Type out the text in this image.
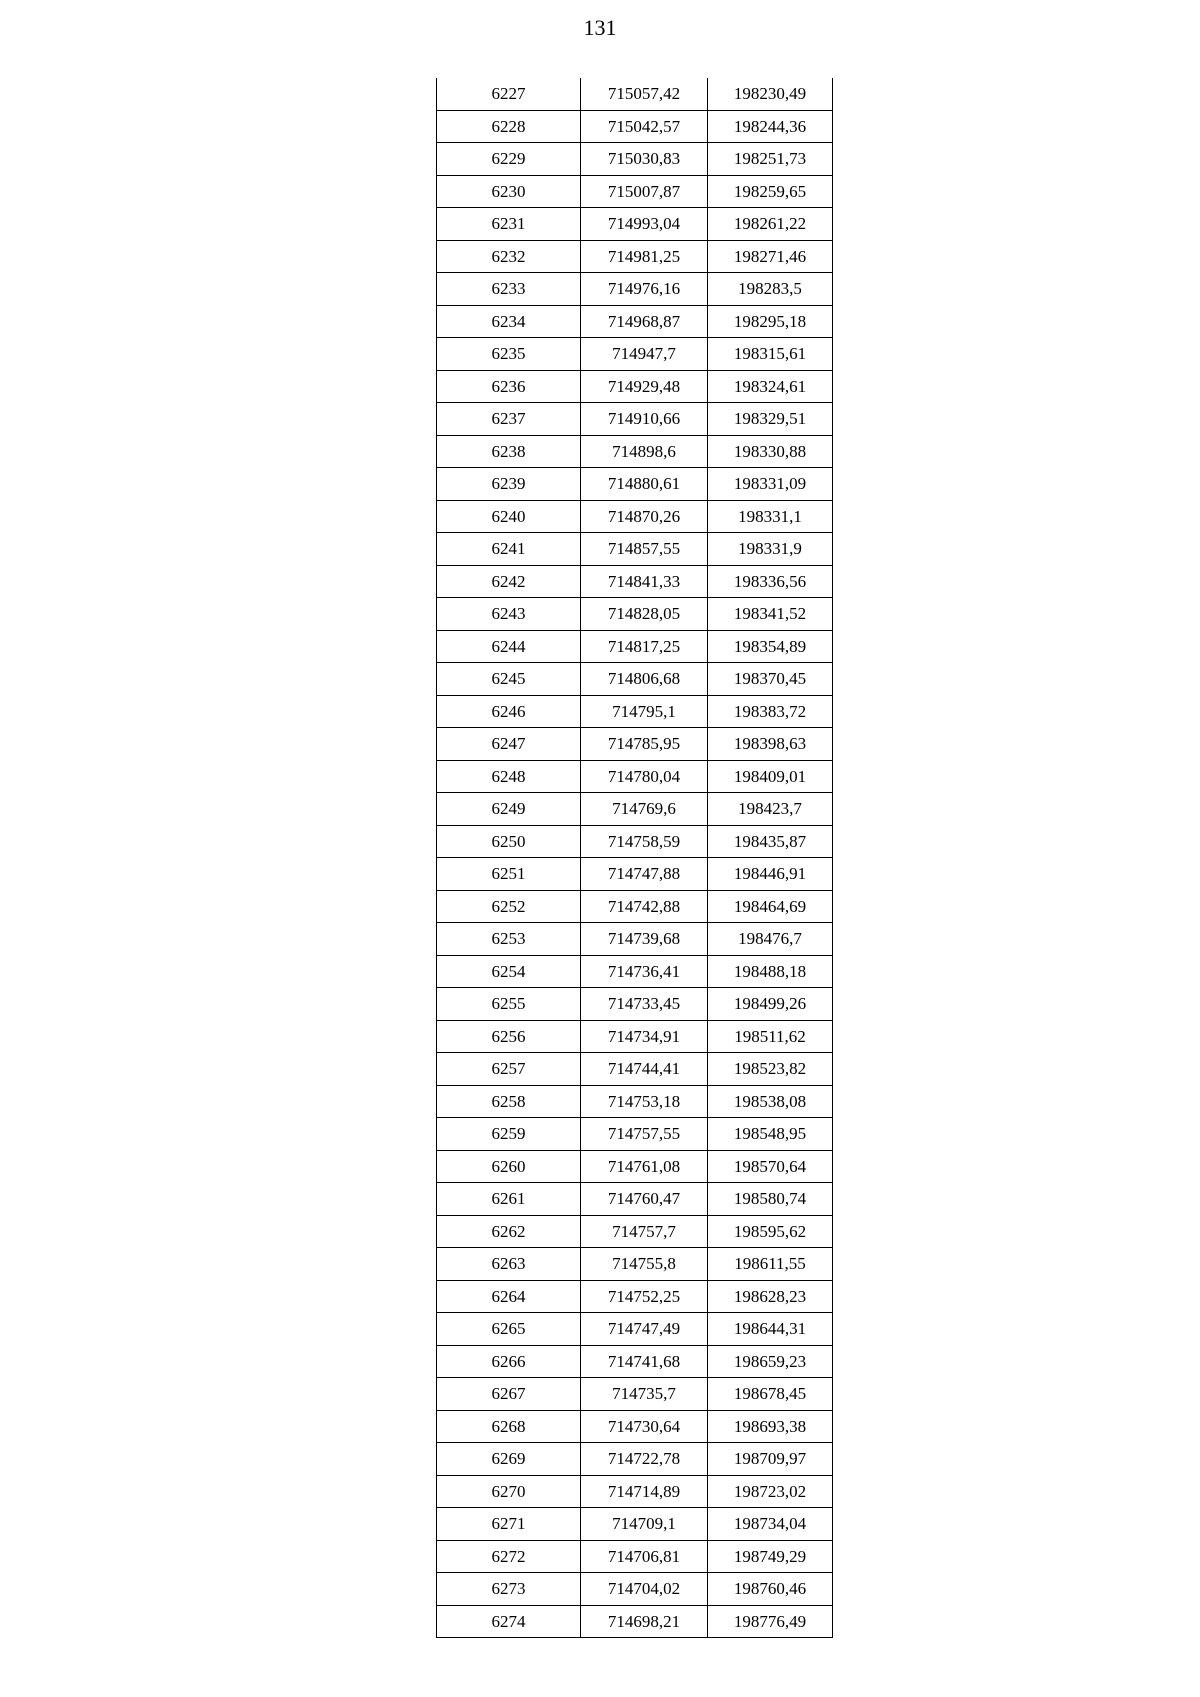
131
6227	715057,42	198230,49
6228	715042,57	198244,36
6229	715030,83	198251,73
6230	715007,87	198259,65
6231	714993,04	198261,22
6232	714981,25	198271,46
6233	714976,16	198283,5
6234	714968,87	198295,18
6235	714947,7	198315,61
6236	714929,48	198324,61
6237	714910,66	198329,51
6238	714898,6	198330,88
6239	714880,61	198331,09
6240	714870,26	198331,1
6241	714857,55	198331,9
6242	714841,33	198336,56
6243	714828,05	198341,52
6244	714817,25	198354,89
6245	714806,68	198370,45
6246	714795,1	198383,72
6247	714785,95	198398,63
6248	714780,04	198409,01
6249	714769,6	198423,7
6250	714758,59	198435,87
6251	714747,88	198446,91
6252	714742,88	198464,69
6253	714739,68	198476,7
6254	714736,41	198488,18
6255	714733,45	198499,26
6256	714734,91	198511,62
6257	714744,41	198523,82
6258	714753,18	198538,08
6259	714757,55	198548,95
6260	714761,08	198570,64
6261	714760,47	198580,74
6262	714757,7	198595,62
6263	714755,8	198611,55
6264	714752,25	198628,23
6265	714747,49	198644,31
6266	714741,68	198659,23
6267	714735,7	198678,45
6268	714730,64	198693,38
6269	714722,78	198709,97
6270	714714,89	198723,02
6271	714709,1	198734,04
6272	714706,81	198749,29
6273	714704,02	198760,46
6274	714698,21	198776,49
